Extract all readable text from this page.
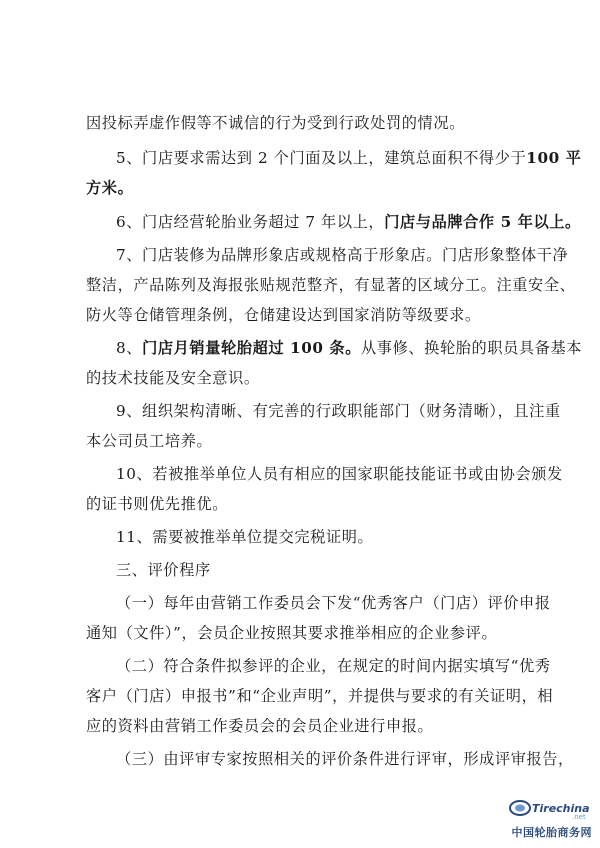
因投标弄虚作假等不诚信的行为受到行政处罚的情况。
5、门店要求需达到 2 个门面及以上，建筑总面积不得少于100 平
方米。
6、门店经营轮胎业务超过 7 年以上，门店与品牌合作 5 年以上。
7、门店装修为品牌形象店或规格高于形象店。门店形象整体干净
整洁，产品陈列及海报张贴规范整齐，有显著的区域分工。注重安全、
防火等仓储管理条例，仓储建设达到国家消防等级要求。
8、门店月销量轮胎超过 100 条。从事修、换轮胎的职员具备基本
的技术技能及安全意识。
9、组织架构清晰、有完善的行政职能部门（财务清晰），且注重
本公司员工培养。
10、若被推举单位人员有相应的国家职能技能证书或由协会颁发
的证书则优先推优。
11、需要被推举单位提交完税证明。
三、评价程序
（一）每年由营销工作委员会下发“优秀客户（门店）评价申报
通知（文件）”，会员企业按照其要求推举相应的企业参评。
（二）符合条件拟参评的企业，在规定的时间内据实填写“优秀
客户（门店）申报书”和“企业声明”，并提供与要求的有关证明，相
应的资料由营销工作委员会的会员企业进行申报。
（三）由评审专家按照相关的评价条件进行评审，形成评审报告，
Tirechina
.net
中国轮胎商务网
